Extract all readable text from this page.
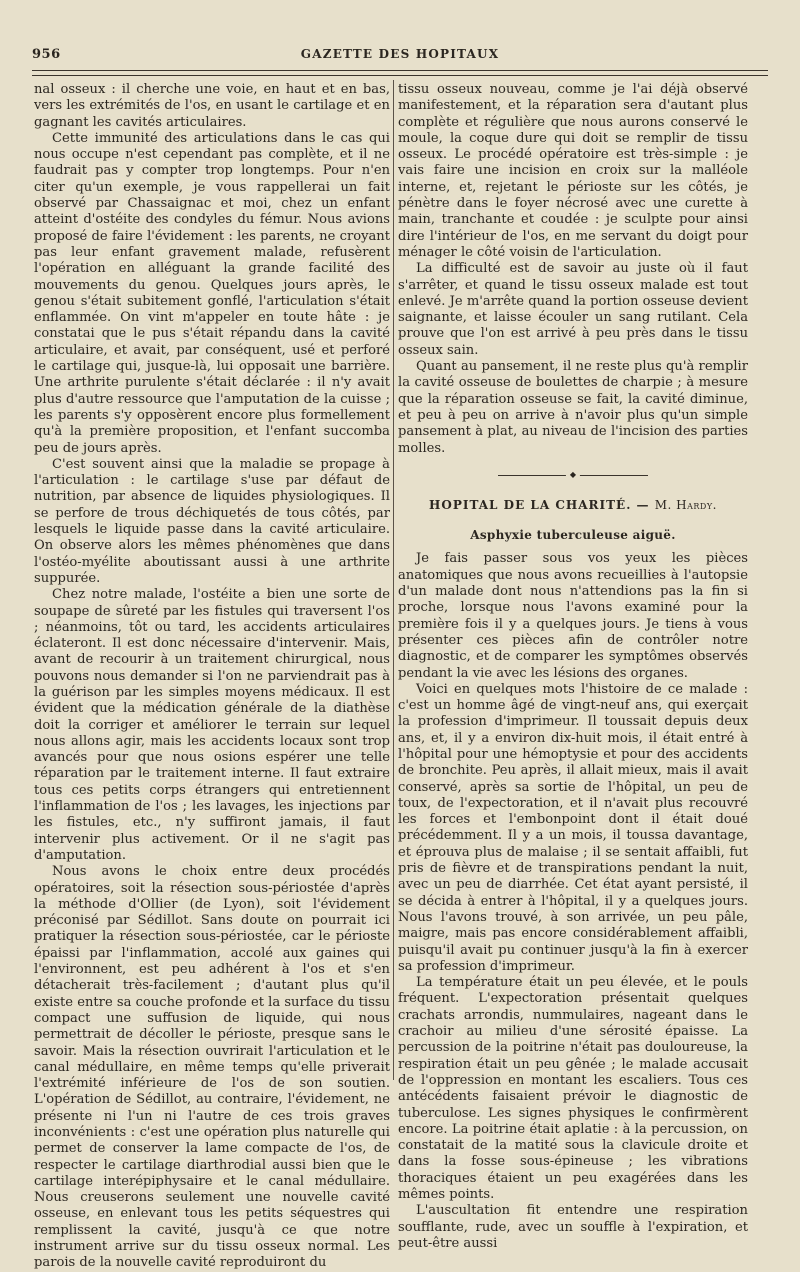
956	GAZETTE DES HOPITAUX

nal osseux : il cherche une voie, en haut et en bas, vers les extrémités de l'os, en usant le cartilage et en gagnant les cavités articulaires.

Cette immunité des articulations dans le cas qui nous occupe n'est cependant pas complète, et il ne faudrait pas y compter trop longtemps. Pour n'en citer qu'un exemple, je vous rappellerai un fait observé par Chassaignac et moi, chez un enfant atteint d'ostéite des condyles du fémur. Nous avions proposé de faire l'évidement : les parents, ne croyant pas leur enfant gravement malade, refusèrent l'opération en alléguant la grande facilité des mouvements du genou. Quelques jours après, le genou s'était subitement gonflé, l'articulation s'était enflammée. On vint m'appeler en toute hâte : je constatai que le pus s'était répandu dans la cavité articulaire, et avait, par conséquent, usé et perforé le cartilage qui, jusque-là, lui opposait une barrière. Une arthrite purulente s'était déclarée : il n'y avait plus d'autre ressource que l'amputation de la cuisse ; les parents s'y opposèrent encore plus formellement qu'à la première proposition, et l'enfant succomba peu de jours après.

C'est souvent ainsi que la maladie se propage à l'articulation : le cartilage s'use par défaut de nutrition, par absence de liquides physiologiques. Il se perfore de trous déchiquetés de tous côtés, par lesquels le liquide passe dans la cavité articulaire. On observe alors les mêmes phénomènes que dans l'ostéo-myélite aboutissant aussi à une arthrite suppurée.

Chez notre malade, l'ostéite a bien une sorte de soupape de sûreté par les fistules qui traversent l'os ; néanmoins, tôt ou tard, les accidents articulaires éclateront. Il est donc nécessaire d'intervenir. Mais, avant de recourir à un traitement chirurgical, nous pouvons nous demander si l'on ne parviendrait pas à la guérison par les simples moyens médicaux. Il est évident que la médication générale de la diathèse doit la corriger et améliorer le terrain sur lequel nous allons agir, mais les accidents locaux sont trop avancés pour que nous osions espérer une telle réparation par le traitement interne. Il faut extraire tous ces petits corps étrangers qui entretiennent l'inflammation de l'os ; les lavages, les injections par les fistules, etc., n'y suffiront jamais, il faut intervenir plus activement. Or il ne s'agit pas d'amputation.

Nous avons le choix entre deux procédés opératoires, soit la résection sous-périostée d'après la méthode d'Ollier (de Lyon), soit l'évidement préconisé par Sédillot. Sans doute on pourrait ici pratiquer la résection sous-périostée, car le périoste épaissi par l'inflammation, accolé aux gaines qui l'environnent, est peu adhérent à l'os et s'en détacherait très-facilement ; d'autant plus qu'il existe entre sa couche profonde et la surface du tissu compact une suffusion de liquide, qui nous permettrait de décoller le périoste, presque sans le savoir. Mais la résection ouvrirait l'articulation et le canal médullaire, en même temps qu'elle priverait l'extrémité inférieure de l'os de son soutien. L'opération de Sédillot, au contraire, l'évidement, ne présente ni l'un ni l'autre de ces trois graves inconvénients : c'est une opération plus naturelle qui permet de conserver la lame compacte de l'os, de respecter le cartilage diarthrodial aussi bien que le cartilage interépiphysaire et le canal médullaire. Nous creuserons seulement une nouvelle cavité osseuse, en enlevant tous les petits séquestres qui remplissent la cavité, jusqu'à ce que notre instrument arrive sur du tissu osseux normal. Les parois de la nouvelle cavité reproduiront du

tissu osseux nouveau, comme je l'ai déjà observé manifestement, et la réparation sera d'autant plus complète et régulière que nous aurons conservé le moule, la coque dure qui doit se remplir de tissu osseux. Le procédé opératoire est très-simple : je vais faire une incision en croix sur la malléole interne, et, rejetant le périoste sur les côtés, je pénètre dans le foyer nécrosé avec une curette à main, tranchante et coudée : je sculpte pour ainsi dire l'intérieur de l'os, en me servant du doigt pour ménager le côté voisin de l'articulation.

La difficulté est de savoir au juste où il faut s'arrêter, et quand le tissu osseux malade est tout enlevé. Je m'arrête quand la portion osseuse devient saignante, et laisse écouler un sang rutilant. Cela prouve que l'on est arrivé à peu près dans le tissu osseux sain.

Quant au pansement, il ne reste plus qu'à remplir la cavité osseuse de boulettes de charpie ; à mesure que la réparation osseuse se fait, la cavité diminue, et peu à peu on arrive à n'avoir plus qu'un simple pansement à plat, au niveau de l'incision des parties molles.

◆
HOPITAL DE LA CHARITÉ. — M. Hardy.
Asphyxie tuberculeuse aiguë.

Je fais passer sous vos yeux les pièces anatomiques que nous avons recueillies à l'autopsie d'un malade dont nous n'attendions pas la fin si proche, lorsque nous l'avons examiné pour la première fois il y a quelques jours. Je tiens à vous présenter ces pièces afin de contrôler notre diagnostic, et de comparer les symptômes observés pendant la vie avec les lésions des organes.

Voici en quelques mots l'histoire de ce malade : c'est un homme âgé de vingt-neuf ans, qui exerçait la profession d'imprimeur. Il toussait depuis deux ans, et, il y a environ dix-huit mois, il était entré à l'hôpital pour une hémoptysie et pour des accidents de bronchite. Peu après, il allait mieux, mais il avait conservé, après sa sortie de l'hôpital, un peu de toux, de l'expectoration, et il n'avait plus recouvré les forces et l'embonpoint dont il était doué précédemment. Il y a un mois, il toussa davantage, et éprouva plus de malaise ; il se sentait affaibli, fut pris de fièvre et de transpirations pendant la nuit, avec un peu de diarrhée. Cet état ayant persisté, il se décida à entrer à l'hôpital, il y a quelques jours. Nous l'avons trouvé, à son arrivée, un peu pâle, maigre, mais pas encore considérablement affaibli, puisqu'il avait pu continuer jusqu'à la fin à exercer sa profession d'imprimeur.

La température était un peu élevée, et le pouls fréquent. L'expectoration présentait quelques crachats arrondis, nummulaires, nageant dans le crachoir au milieu d'une sérosité épaisse. La percussion de la poitrine n'était pas douloureuse, la respiration était un peu gênée ; le malade accusait de l'oppression en montant les escaliers. Tous ces antécédents faisaient prévoir le diagnostic de tuberculose. Les signes physiques le confirmèrent encore. La poitrine était aplatie : à la percussion, on constatait de la matité sous la clavicule droite et dans la fosse sous-épineuse ; les vibrations thoraciques étaient un peu exagérées dans les mêmes points.

L'auscultation fit entendre une respiration soufflante, rude, avec un souffle à l'expiration, et peut-être aussi
